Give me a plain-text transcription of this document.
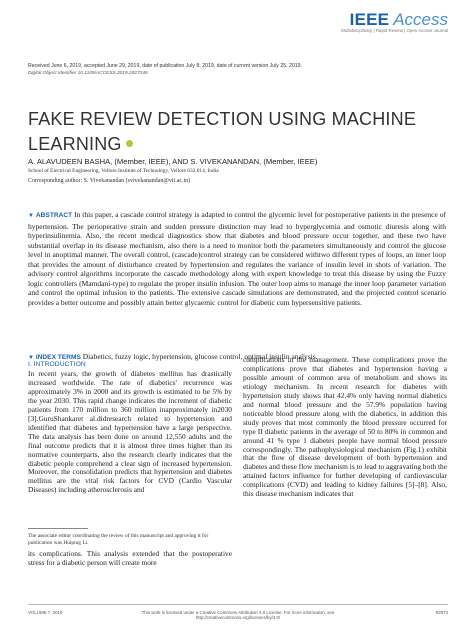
IEEE Access
Multidisciplinary | Rapid Review | Open Access Journal
Received June 6, 2019, accepted June 29, 2019, date of publication July 8, 2019, date of current version July 25, 2019.
Digital Object Identifier 10.1109/ACCESS.2019.2927246
FAKE REVIEW DETECTION USING MACHINE LEARNING
A. ALAVUDEEN BASHA, (Member, IEEE), AND S. VIVEKANANDAN, (Member, IEEE)
School of Electrical Engineering, Vellore Institute of Technology, Vellore 632 014, India
Corresponding author: S. Vivekanandan (svivekanandan@vit.ac.in)
▼ ABSTRACT In this paper, a cascade control strategy is adapted to control the glycemic level for postoperative patients in the presence of hypertension. The perioperative strain and sudden pressure distinction may lead to hyperglycemia and osmotic diuresis along with hyperinsulinemia. Also, the recent medical diagnostics show that diabetes and blood pressure occur together, and these two have substantial overlap in its disease mechanism, also there is a need to monitor both the parameters simultaneously and control the glucose level in anoptimal manner. The overall control, (cascade)control strategy can be considered withtwo different types of loops, an inner loop that provides the amount of disturbance created by hypertension and regulates the variance of insulin level in shots of variation. The advisory control algorithms incorporate the cascade methodology along with expert knowledge to treat this disease by using the Fuzzy logic controllers (Mamdani-type) to regulate the proper insulin infusion. The outer loop aims to manage the inner loop parameter variation and control the optimal infusion to the patients. The extensive cascade simulations are demonstrated, and the projected control scenario provides a better outcome and possibly attain better glycaemic control for diabetic cum hypersensitive patients.
▼ INDEX TERMS Diabetics, fuzzy logic, hypertension, glucose control, optimal insulin analysis.
I. INTRODUCTION
In recent years, the growth of diabetes mellitus has drastically increased worldwide. The rate of diabetics' recurrence was approximately 3% in 2000 and its growth is estimated to be 5% by the year 2030. This rapid change indicates the increment of diabetic patients from 170 million to 360 million inapproximately in2030 [3].GuruShankaret al.didresearch related to hypertension and identified that diabetes and hypertension have a large perspective. The data analysis has been done on around 12,550 adults and the final outcome predicts that it is almost three times higher than its normative counterparts, also the research clearly indicates that the diabetic people comprehend a clear sign of increased hypertension. Moreover, the consolidation predicts that hypertension and diabetes mellitus are the vital risk factors for CVD (Cardio Vascular Diseases) including atherosclerosis and
complications in the management. These complications prove the complications prove that diabetes and hypertension having a possible amount of common area of metabolism and shows its etiology mechanism. In recent research for diabetes with hypertension study shows that 42.4% only having normal diabetics and normal blood pressure and the 57.9% population having noticeable blood pressure along with the diabetics, in addition this study proves that most commonly the blood pressure occurred for type II diabetic patients in the average of 50 to 80% in common and around 41 % type 1 diabetes people have normal blood pressure correspondingly. The pathophysiological mechanism (Fig.1) exhibit that the flow of disease development of both hypertension and diabetes and these flow mechanism is to lead to aggravating both the attained factors influence for further developing of cardiovascular complications (CVD) and leading to kidney failures [5]–[8]. Also, this disease mechanism indicates that
The associate editor coordinating the review of this manuscript and approving it for publication was Huiping Li.
its complications. This analysis extended that the postoperative stress for a diabetic person will create more
VOLUME 7, 2019	This work is licensed under a Creative Commons Attribution 4.0 License. For more information, see http://creativecommons.org/licenses/by/4.0/
92973
